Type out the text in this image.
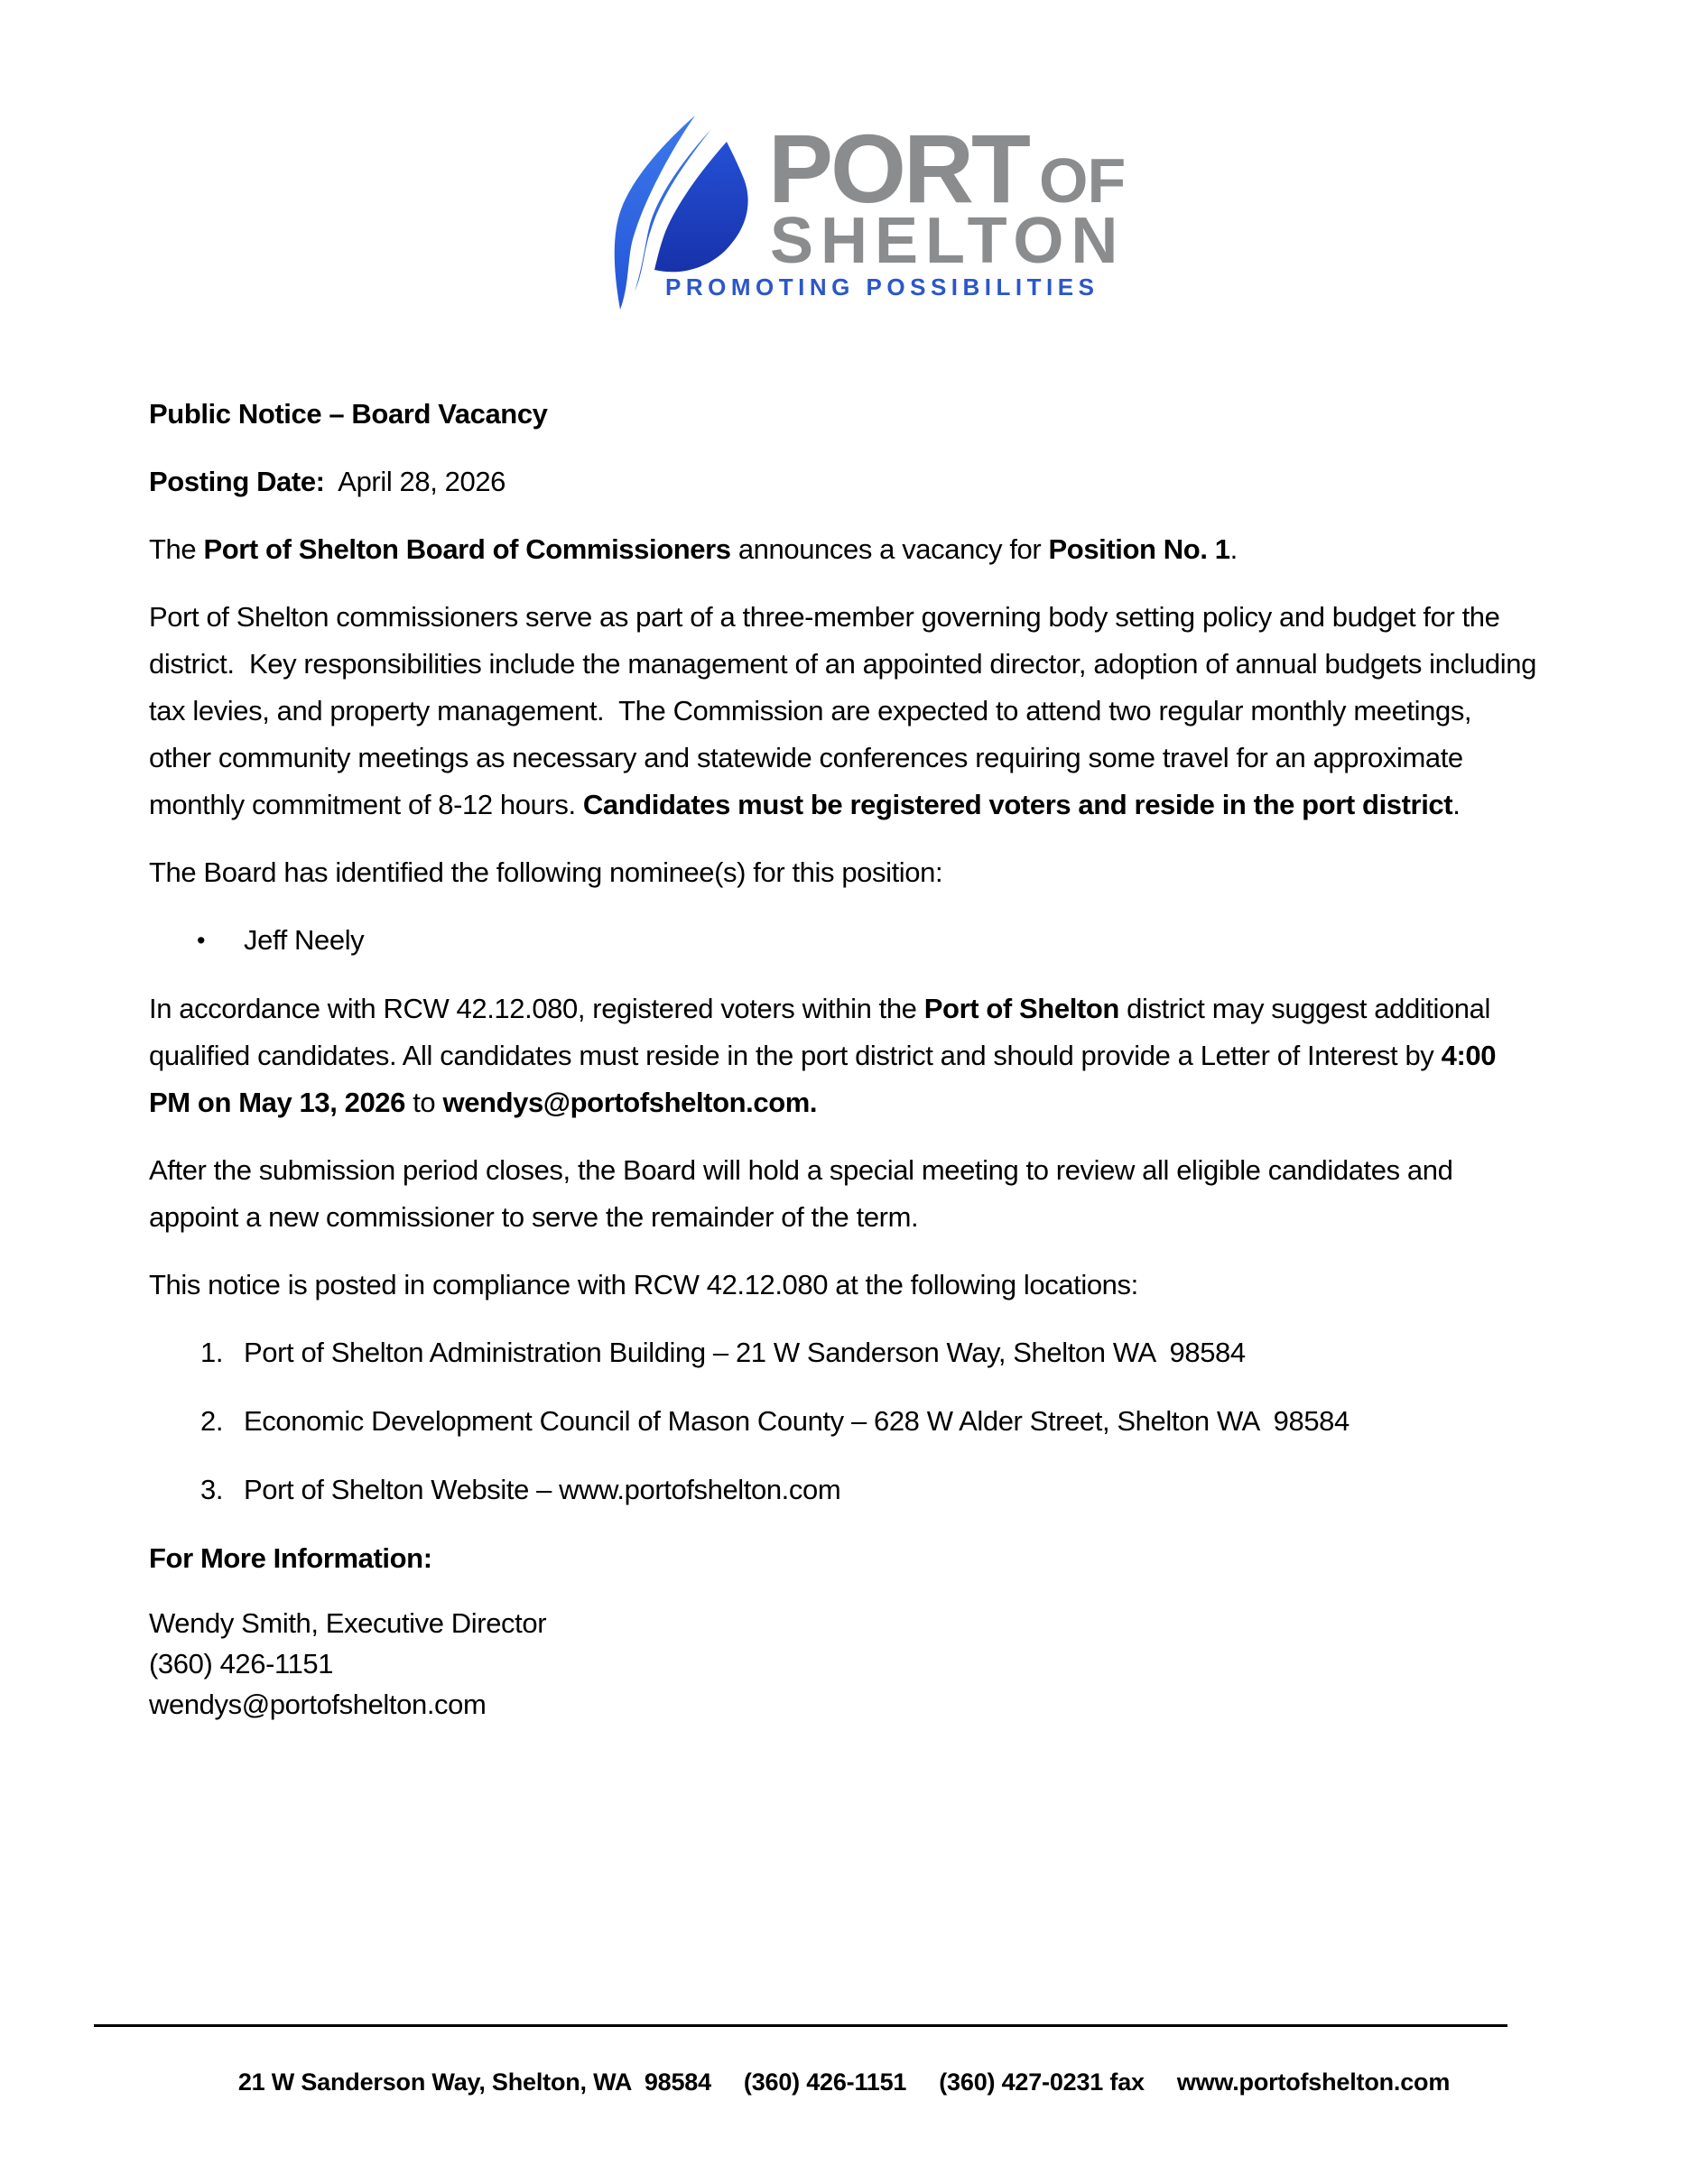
PORT OF
SHELTON
PROMOTING POSSIBILITIES

Public Notice – Board Vacancy

Posting Date:  April 28, 2026

The Port of Shelton Board of Commissioners announces a vacancy for Position No. 1.

Port of Shelton commissioners serve as part of a three-member governing body setting policy and budget for the district.  Key responsibilities include the management of an appointed director, adoption of annual budgets including tax levies, and property management.  The Commission are expected to attend two regular monthly meetings, other community meetings as necessary and statewide conferences requiring some travel for an approximate monthly commitment of 8-12 hours. Candidates must be registered voters and reside in the port district.

The Board has identified the following nominee(s) for this position:

•	Jeff Neely

In accordance with RCW 42.12.080, registered voters within the Port of Shelton district may suggest additional qualified candidates. All candidates must reside in the port district and should provide a Letter of Interest by 4:00 PM on May 13, 2026 to wendys@portofshelton.com.

After the submission period closes, the Board will hold a special meeting to review all eligible candidates and appoint a new commissioner to serve the remainder of the term.

This notice is posted in compliance with RCW 42.12.080 at the following locations:

1. Port of Shelton Administration Building – 21 W Sanderson Way, Shelton WA  98584
2. Economic Development Council of Mason County – 628 W Alder Street, Shelton WA  98584
3. Port of Shelton Website – www.portofshelton.com

For More Information:

Wendy Smith, Executive Director
(360) 426-1151
wendys@portofshelton.com
21 W Sanderson Way, Shelton, WA  98584 (360) 426-1151 (360) 427-0231 fax www.portofshelton.com
